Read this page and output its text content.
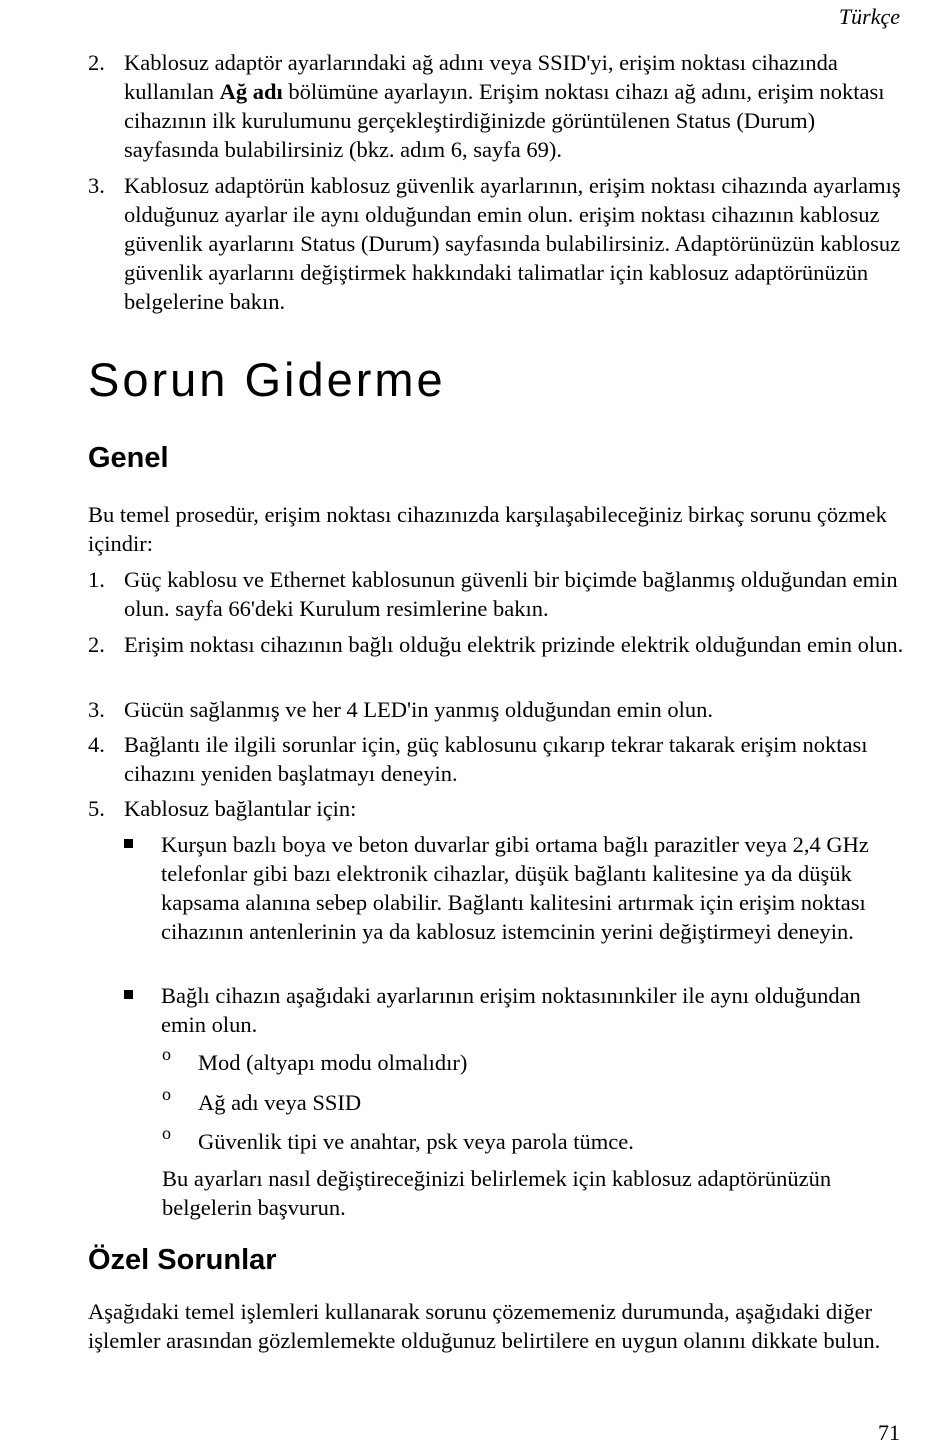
Türkçe
2. Kablosuz adaptör ayarlarındaki ağ adını veya SSID'yi, erişim noktası cihazında kullanılan Ağ adı bölümüne ayarlayın. Erişim noktası cihazı ağ adını, erişim noktası cihazının ilk kurulumunu gerçekleştirdiğinizde görüntülenen Status (Durum) sayfasında bulabilirsiniz (bkz. adım 6, sayfa 69).
3. Kablosuz adaptörün kablosuz güvenlik ayarlarının, erişim noktası cihazında ayarlamış olduğunuz ayarlar ile aynı olduğundan emin olun. erişim noktası cihazının kablosuz güvenlik ayarlarını Status (Durum) sayfasında bulabilirsiniz. Adaptörünüzün kablosuz güvenlik ayarlarını değiştirmek hakkındaki talimatlar için kablosuz adaptörünüzün belgelerine bakın.
Sorun Giderme
Genel

Bu temel prosedür, erişim noktası cihazınızda karşılaşabileceğiniz birkaç sorunu çözmek içindir:

1. Güç kablosu ve Ethernet kablosunun güvenli bir biçimde bağlanmış olduğundan emin olun. sayfa 66'deki Kurulum resimlerine bakın.
2. Erişim noktası cihazının bağlı olduğu elektrik prizinde elektrik olduğundan emin olun.
3. Gücün sağlanmış ve her 4 LED'in yanmış olduğundan emin olun.
4. Bağlantı ile ilgili sorunlar için, güç kablosunu çıkarıp tekrar takarak erişim noktası cihazını yeniden başlatmayı deneyin.
5. Kablosuz bağlantılar için:
Kurşun bazlı boya ve beton duvarlar gibi ortama bağlı parazitler veya 2,4 GHz telefonlar gibi bazı elektronik cihazlar, düşük bağlantı kalitesine ya da düşük kapsama alanına sebep olabilir. Bağlantı kalitesini artırmak için erişim noktası cihazının antenlerinin ya da kablosuz istemcinin yerini değiştirmeyi deneyin.
Bağlı cihazın aşağıdaki ayarlarının erişim noktasınınkiler ile aynı olduğundan emin olun.
o Mod (altyapı modu olmalıdır)
o Ağ adı veya SSID
o Güvenlik tipi ve anahtar, psk veya parola tümce.

Bu ayarları nasıl değiştireceğinizi belirlemek için kablosuz adaptörünüzün belgelerin başvurun.

Özel Sorunlar

Aşağıdaki temel işlemleri kullanarak sorunu çözememeniz durumunda, aşağıdaki diğer işlemler arasından gözlemlemekte olduğunuz belirtilere en uygun olanını dikkate bulun.

71
